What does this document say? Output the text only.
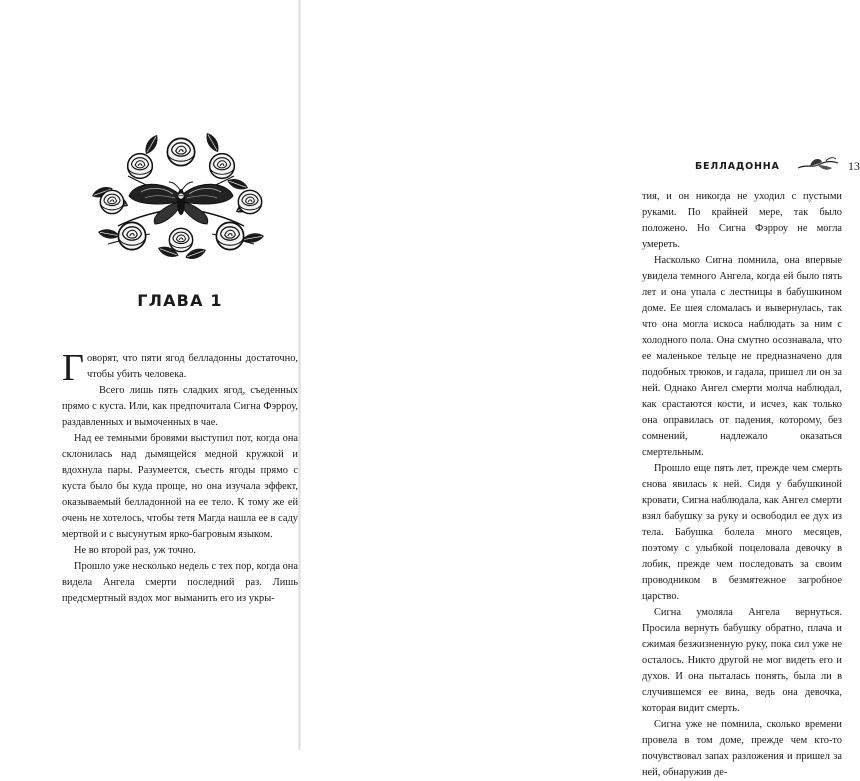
ГЛАВА 1

Говорят, что пяти ягод белладонны достаточно, чтобы убить человека.

Всего лишь пять сладких ягод, съеденных прямо с куста. Или, как предпочитала Сигна Фэрроу, раздавленных и вымоченных в чае.

Над ее темными бровями выступил пот, когда она склонилась над дымящейся медной кружкой и вдохнула пары. Разумеется, съесть ягоды прямо с куста было бы куда проще, но она изучала эффект, оказываемый белладонной на ее тело. К тому же ей очень не хотелось, чтобы тетя Магда нашла ее в саду мертвой и с высунутым ярко-багровым языком.

Не во второй раз, уж точно.

Прошло уже несколько недель с тех пор, когда она видела Ангела смерти последний раз. Лишь предсмертный вздох мог выманить его из укры-

БЕЛЛАДОННА	13

тия, и он никогда не уходил с пустыми руками. По крайней мере, так было положено. Но Сигна Фэрроу не могла умереть.

Насколько Сигна помнила, она впервые увидела темного Ангела, когда ей было пять лет и она упала с лестницы в бабушкином доме. Ее шея сломалась и вывернулась, так что она могла искоса наблюдать за ним с холодного пола. Она смутно осознавала, что ее маленькое тельце не предназначено для подобных трюков, и гадала, пришел ли он за ней. Однако Ангел смерти молча наблюдал, как срастаются кости, и исчез, как только она оправилась от падения, которому, без сомнений, надлежало оказаться смертельным.

Прошло еще пять лет, прежде чем смерть снова явилась к ней. Сидя у бабушкиной кровати, Сигна наблюдала, как Ангел смерти взял бабушку за руку и освободил ее дух из тела. Бабушка болела много месяцев, поэтому с улыбкой поцеловала девочку в лобик, прежде чем последовать за своим проводником в безмятежное загробное царство.

Сигна умоляла Ангела вернуться. Просила вернуть бабушку обратно, плача и сжимая безжизненную руку, пока сил уже не осталось. Никто другой не мог видеть его и духов. И она пыталась понять, была ли в случившемся ее вина, ведь она девочка, которая видит смерть.

Сигна уже не помнила, сколько времени провела в том доме, прежде чем кто-то почувствовал запах разложения и пришел за ней, обнаружив де-
